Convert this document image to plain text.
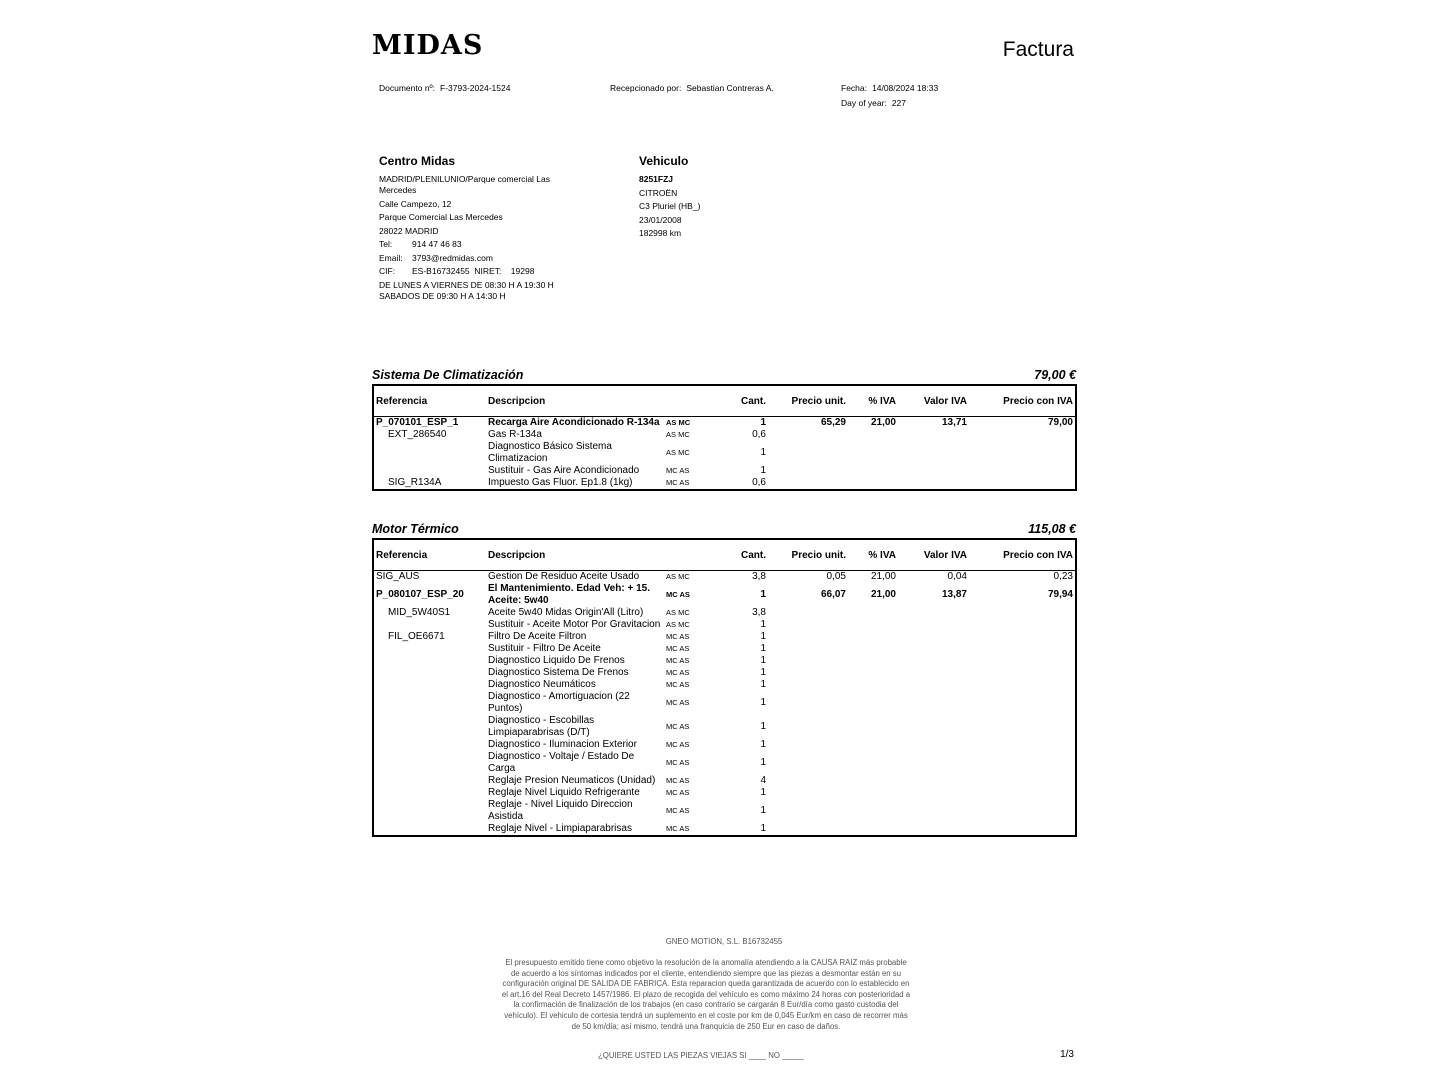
MIDAS	Factura
Documento nº: F-3793-2024-1524	Recepcionado por: Sebastian Contreras A.	Fecha: 14/08/2024 18:33
Day of year: 227
Centro Midas
MADRID/PLENILUNIO/Parque comercial Las Mercedes
Calle Campezo, 12
Parque Comercial Las Mercedes
28022 MADRID
Tel: 914 47 46 83
Email: 3793@redmidas.com
CIF: ES-B16732455 NIRET: 19298
DE LUNES A VIERNES DE 08:30 H A 19:30 H
SABADOS DE 09:30 H A 14:30 H
Vehiculo
8251FZJ
CITROËN
C3 Pluriel (HB_)
23/01/2008
182998 km
Sistema De Climatización	79,00 €
Referencia	Descripcion		Cant.	Precio unit.	% IVA	Valor IVA	Precio con IVA
P_070101_ESP_1	Recarga Aire Acondicionado R-134a	AS MC	1	65,29	21,00	13,71	79,00
EXT_286540	Gas R-134a	AS MC	0,6				
	Diagnostico Básico Sistema Climatizacion	AS MC	1				
	Sustituir - Gas Aire Acondicionado	MC AS	1				
SIG_R134A	Impuesto Gas Fluor. Ep1.8 (1kg)	MC AS	0,6				
Motor Térmico	115,08 €
Referencia	Descripcion		Cant.	Precio unit.	% IVA	Valor IVA	Precio con IVA
SIG_AUS	Gestion De Residuo Aceite Usado	AS MC	3,8	0,05	21,00	0,04	0,23
P_080107_ESP_20	El Mantenimiento. Edad Veh: + 15. Aceite: 5w40	MC AS	1	66,07	21,00	13,87	79,94
MID_5W40S1	Aceite 5w40 Midas Origin'All (Litro)	AS MC	3,8				
	Sustituir - Aceite Motor Por Gravitacion	AS MC	1				
FIL_OE6671	Filtro De Aceite Filtron	MC AS	1				
	Sustituir - Filtro De Aceite	MC AS	1				
	Diagnostico Liquido De Frenos	MC AS	1				
	Diagnostico Sistema De Frenos	MC AS	1				
	Diagnostico Neumáticos	MC AS	1				
	Diagnostico - Amortiguacion (22 Puntos)	MC AS	1				
	Diagnostico - Escobillas Limpiaparabrisas (D/T)	MC AS	1				
	Diagnostico - Iluminacion Exterior	MC AS	1				
	Diagnostico - Voltaje / Estado De Carga	MC AS	1				
	Reglaje Presion Neumaticos (Unidad)	MC AS	4				
	Reglaje Nivel Liquido Refrigerante	MC AS	1				
	Reglaje - Nivel Liquido Direccion Asistida	MC AS	1				
	Reglaje Nivel - Limpiaparabrisas	MC AS	1				
GNEO MOTION, S.L. B16732455
El presupuesto emitido tiene como objetivo la resolución de la anomalía atendiendo a la CAUSA RAIZ más probable de acuerdo a los síntomas indicados por el cliente, entendiendo siempre que las piezas a desmontar están en su configuración original DE SALIDA DE FABRICA. Esta reparacion queda garantizada de acuerdo con lo establecido en el art.16 del Real Decreto 1457/1986. El plazo de recogida del vehículo es como máximo 24 horas con posterioridad a la confirmación de finalización de los trabajos (en caso contrario se cargarán 8 Eur/día como gasto custodia del vehículo). El vehiculo de cortesia tendrá un suplemento en el coste por km de 0,045 Eur/km en caso de recorrer más de 50 km/día; así mismo, tendrá una franquicia de 250 Eur en caso de daños.
¿QUIERE USTED LAS PIEZAS VIEJAS SI ____ NO _____	1/3
